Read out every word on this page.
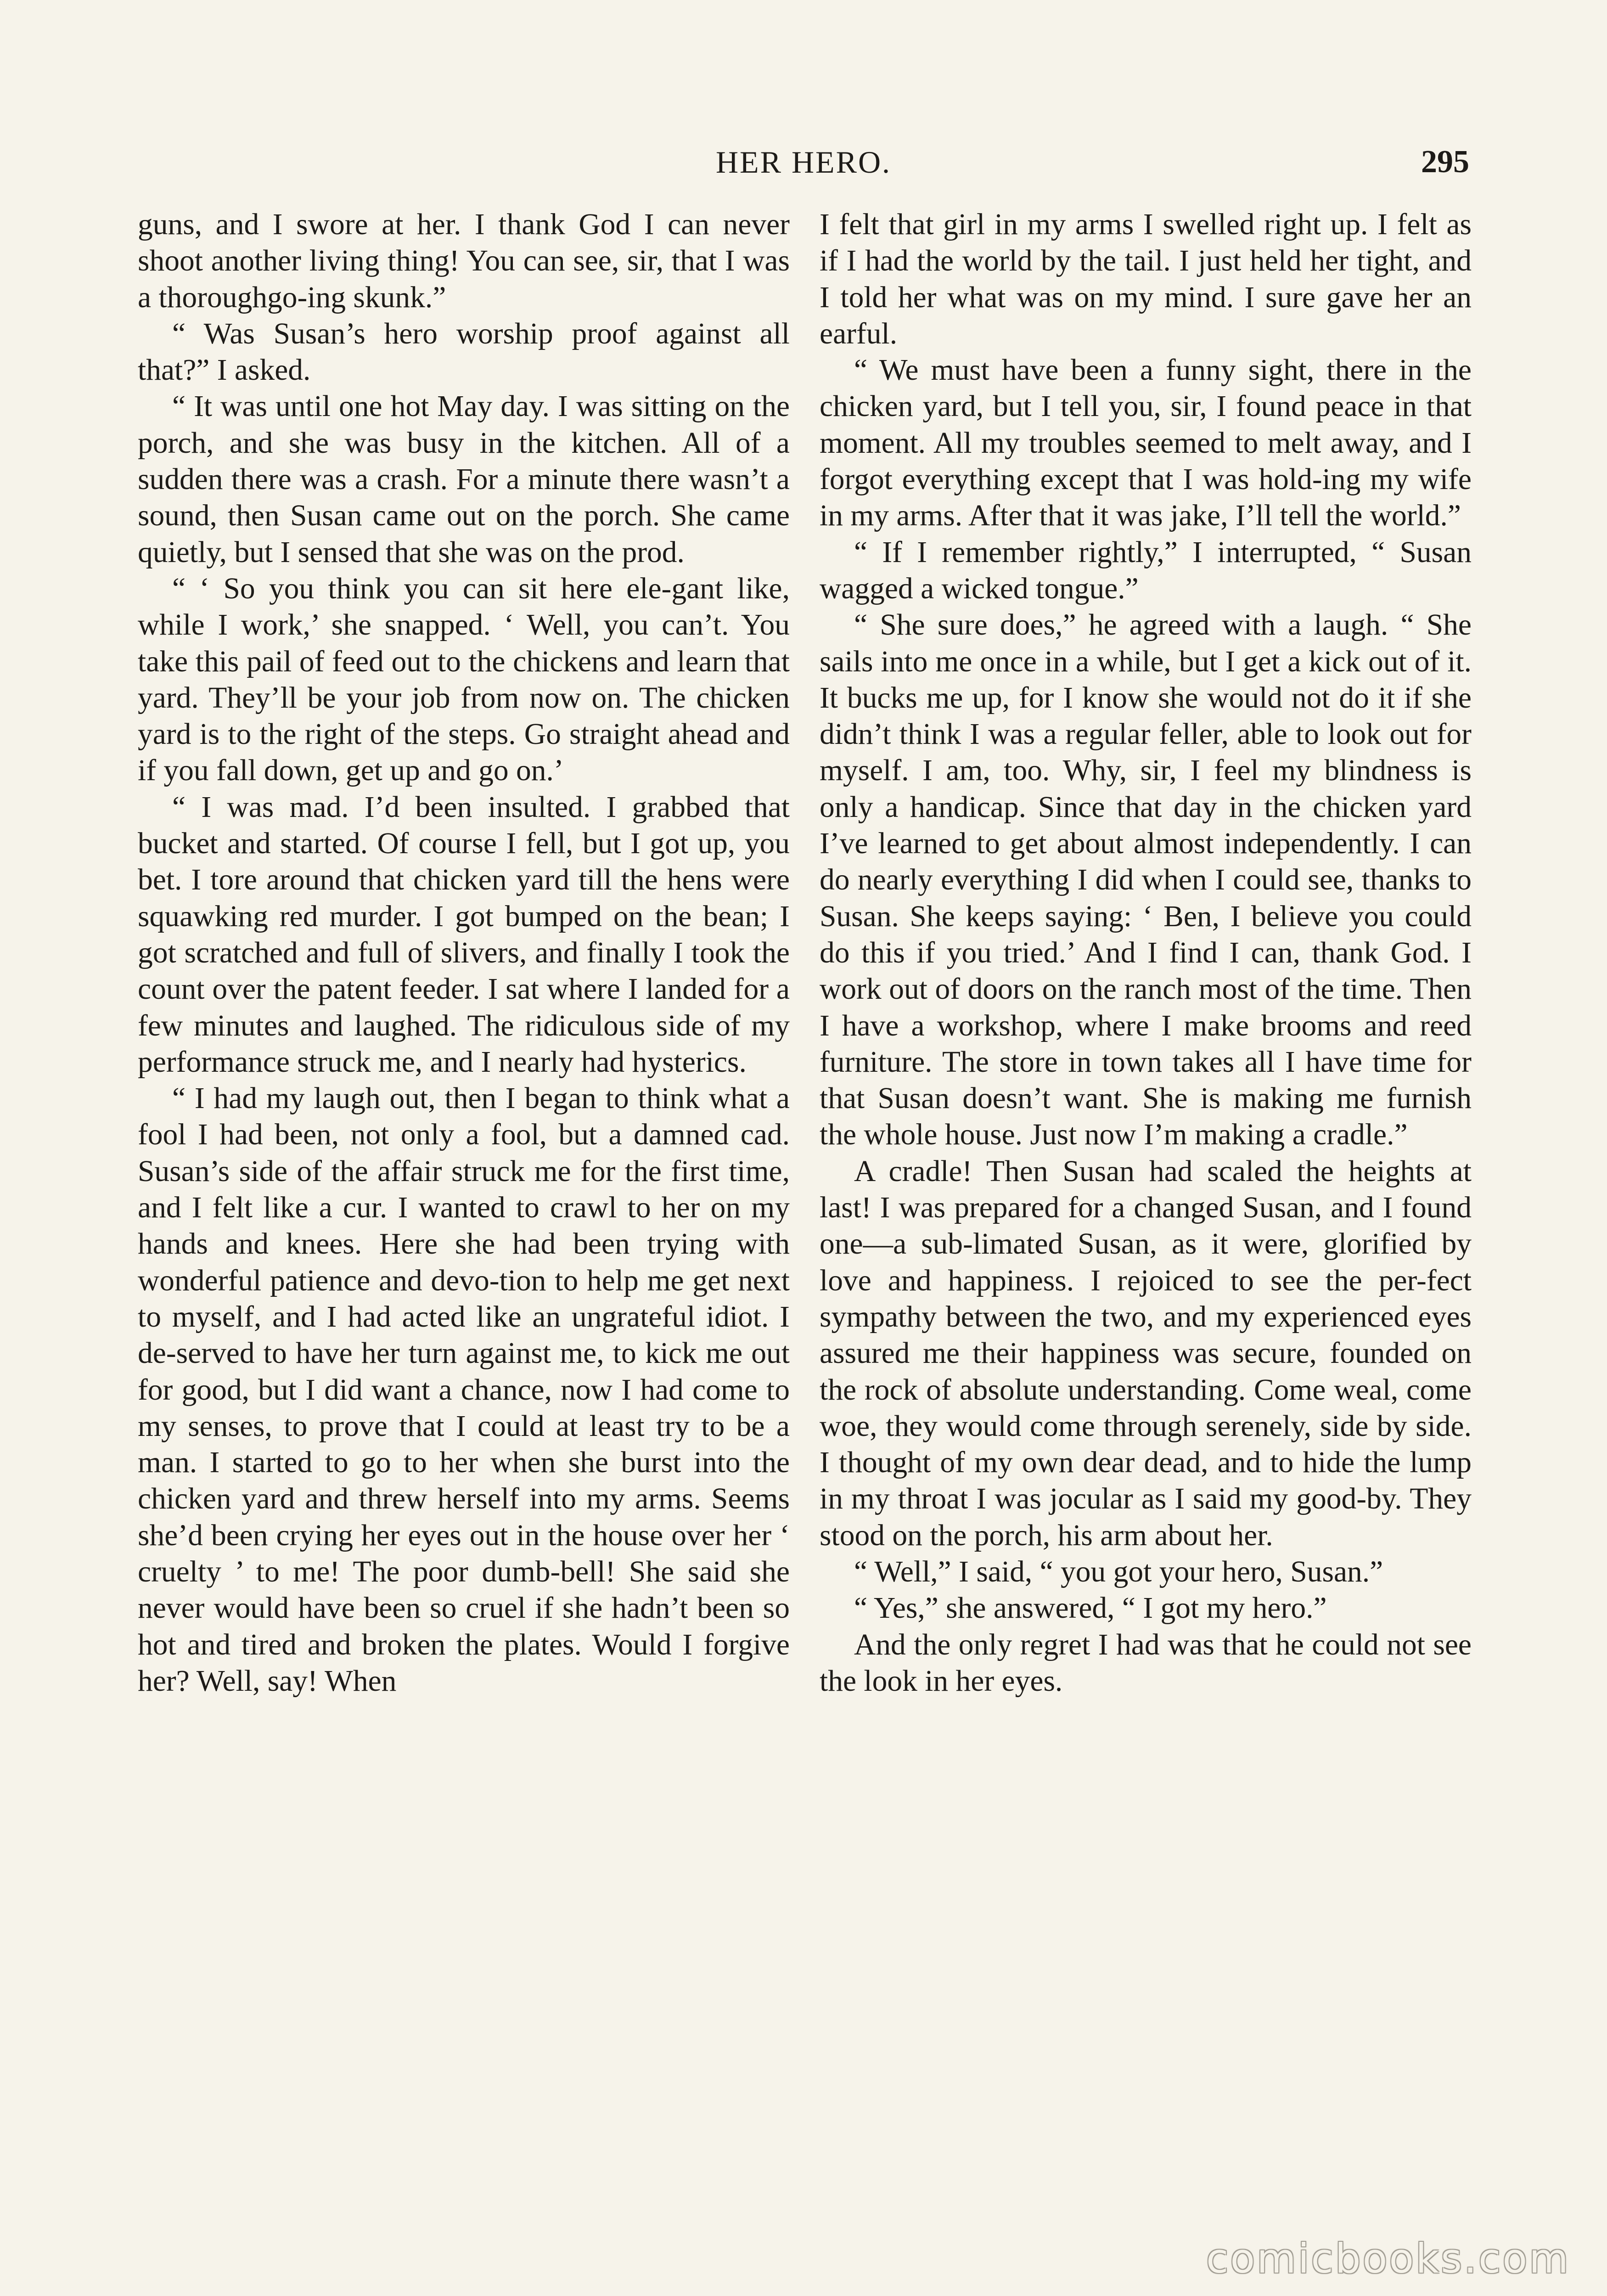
HER HERO.	295

guns, and I swore at her. I thank God I can never shoot another living thing! You can see, sir, that I was a thoroughgo-ing skunk.”

“ Was Susan’s hero worship proof against all that?” I asked.

“ It was until one hot May day. I was sitting on the porch, and she was busy in the kitchen. All of a sudden there was a crash. For a minute there wasn’t a sound, then Susan came out on the porch. She came quietly, but I sensed that she was on the prod.

“ ‘ So you think you can sit here ele-gant like, while I work,’ she snapped. ‘ Well, you can’t. You take this pail of feed out to the chickens and learn that yard. They’ll be your job from now on. The chicken yard is to the right of the steps. Go straight ahead and if you fall down, get up and go on.’

“ I was mad. I’d been insulted. I grabbed that bucket and started. Of course I fell, but I got up, you bet. I tore around that chicken yard till the hens were squawking red murder. I got bumped on the bean; I got scratched and full of slivers, and finally I took the count over the patent feeder. I sat where I landed for a few minutes and laughed. The ridiculous side of my performance struck me, and I nearly had hysterics.

“ I had my laugh out, then I began to think what a fool I had been, not only a fool, but a damned cad. Susan’s side of the affair struck me for the first time, and I felt like a cur. I wanted to crawl to her on my hands and knees. Here she had been trying with wonderful patience and devo-tion to help me get next to myself, and I had acted like an ungrateful idiot. I de-served to have her turn against me, to kick me out for good, but I did want a chance, now I had come to my senses, to prove that I could at least try to be a man. I started to go to her when she burst into the chicken yard and threw herself into my arms. Seems she’d been crying her eyes out in the house over her ‘ cruelty ’ to me! The poor dumb-bell! She said she never would have been so cruel if she hadn’t been so hot and tired and broken the plates. Would I forgive her? Well, say! When

I felt that girl in my arms I swelled right up. I felt as if I had the world by the tail. I just held her tight, and I told her what was on my mind. I sure gave her an earful.

“ We must have been a funny sight, there in the chicken yard, but I tell you, sir, I found peace in that moment. All my troubles seemed to melt away, and I forgot everything except that I was hold-ing my wife in my arms. After that it was jake, I’ll tell the world.”

“ If I remember rightly,” I interrupted, “ Susan wagged a wicked tongue.”

“ She sure does,” he agreed with a laugh. “ She sails into me once in a while, but I get a kick out of it. It bucks me up, for I know she would not do it if she didn’t think I was a regular feller, able to look out for myself. I am, too. Why, sir, I feel my blindness is only a handicap. Since that day in the chicken yard I’ve learned to get about almost independently. I can do nearly everything I did when I could see, thanks to Susan. She keeps saying: ‘ Ben, I believe you could do this if you tried.’ And I find I can, thank God. I work out of doors on the ranch most of the time. Then I have a workshop, where I make brooms and reed furniture. The store in town takes all I have time for that Susan doesn’t want. She is making me furnish the whole house. Just now I’m making a cradle.”

A cradle! Then Susan had scaled the heights at last! I was prepared for a changed Susan, and I found one—a sub-limated Susan, as it were, glorified by love and happiness. I rejoiced to see the per-fect sympathy between the two, and my experienced eyes assured me their happiness was secure, founded on the rock of absolute understanding. Come weal, come woe, they would come through serenely, side by side. I thought of my own dear dead, and to hide the lump in my throat I was jocular as I said my good-by. They stood on the porch, his arm about her.

“ Well,” I said, “ you got your hero, Susan.”

“ Yes,” she answered, “ I got my hero.”

And the only regret I had was that he could not see the look in her eyes.

comicbooks.com
